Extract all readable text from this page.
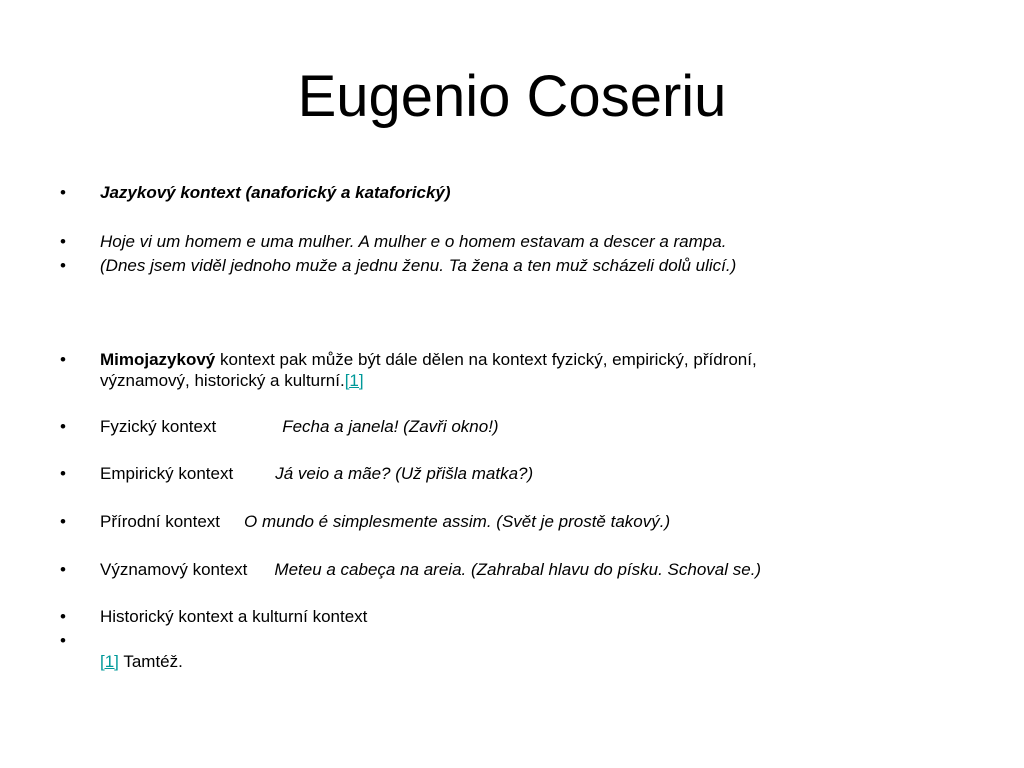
Eugenio Coseriu
•	Jazykový kontext (anaforický a kataforický)
•	Hoje vi um homem e uma mulher. A mulher e o homem estavam a descer a rampa.
•	(Dnes jsem viděl jednoho muže a jednu ženu. Ta žena a ten muž scházeli dolů ulicí.)
•	Mimojazykový kontext pak může být dále dělen na kontext fyzický, empirický, přídroní,
významový, historický a kulturní.[1]
•	Fyzický kontext	Fecha a janela! (Zavři okno!)
•	Empirický kontext Já veio a mãe? (Už přišla matka?)
•	Přírodní kontext O mundo é simplesmente assim. (Svět je prostě takový.)
•	Významový kontext Meteu a cabeça na areia. (Zahrabal hlavu do písku. Schoval se.)
•	Historický kontext a kulturní kontext
•

[1] Tamtéž.
